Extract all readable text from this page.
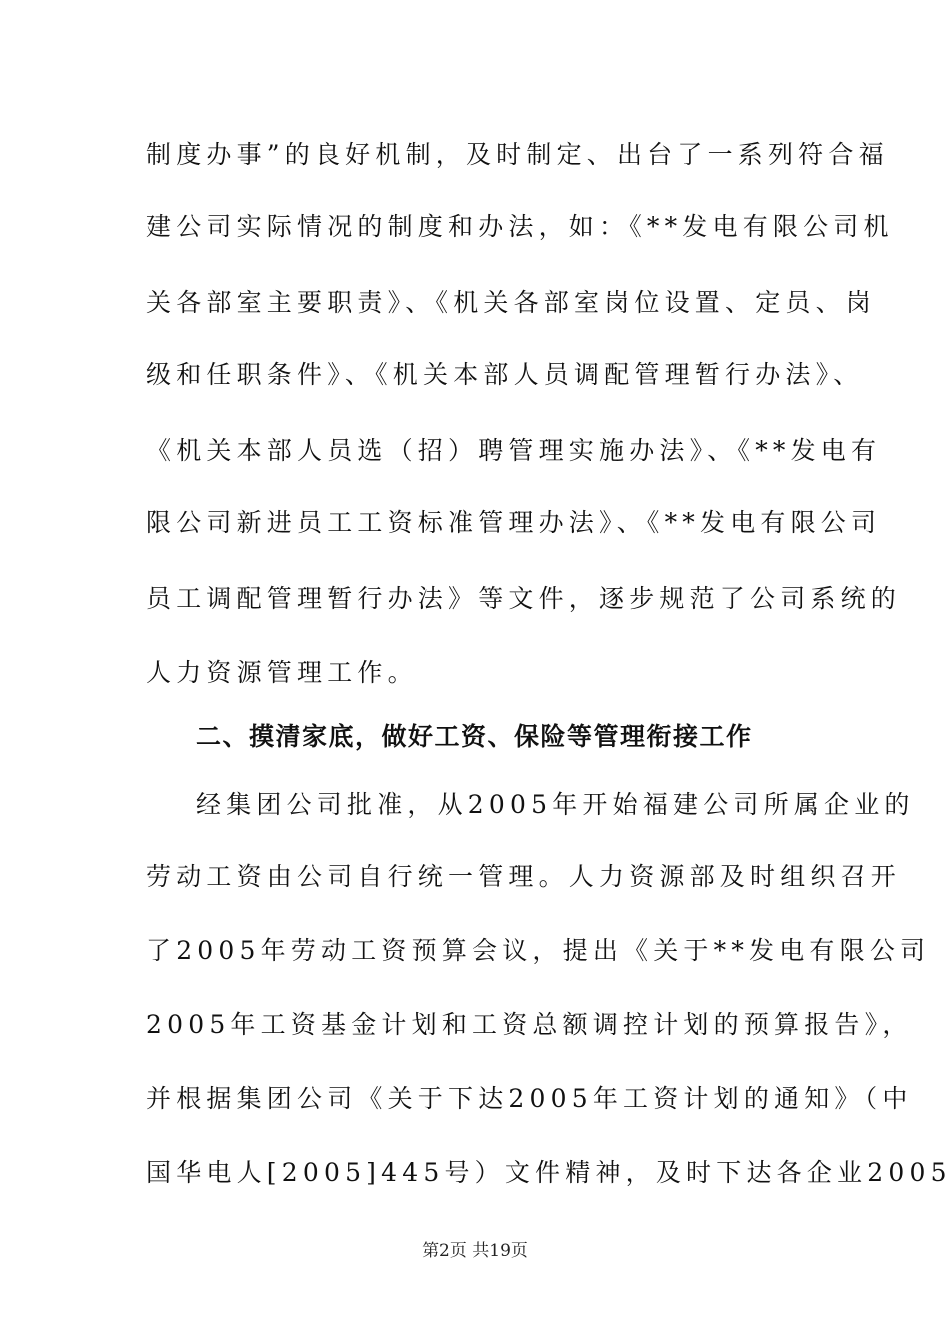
制度办事”的良好机制，及时制定、出台了一系列符合福
建公司实际情况的制度和办法，如：《**发电有限公司机
关各部室主要职责》、《机关各部室岗位设置、定员、岗
级和任职条件》、《机关本部人员调配管理暂行办法》、
《机关本部人员选（招）聘管理实施办法》、《**发电有
限公司新进员工工资标准管理办法》、《**发电有限公司
员工调配管理暂行办法》等文件，逐步规范了公司系统的
人力资源管理工作。
二、摸清家底，做好工资、保险等管理衔接工作
经集团公司批准，从2005年开始福建公司所属企业的
劳动工资由公司自行统一管理。人力资源部及时组织召开
了2005年劳动工资预算会议，提出《关于**发电有限公司
2005年工资基金计划和工资总额调控计划的预算报告》，
并根据集团公司《关于下达2005年工资计划的通知》（中
国华电人[2005]445号）文件精神，及时下达各企业2005
第2页 共19页
